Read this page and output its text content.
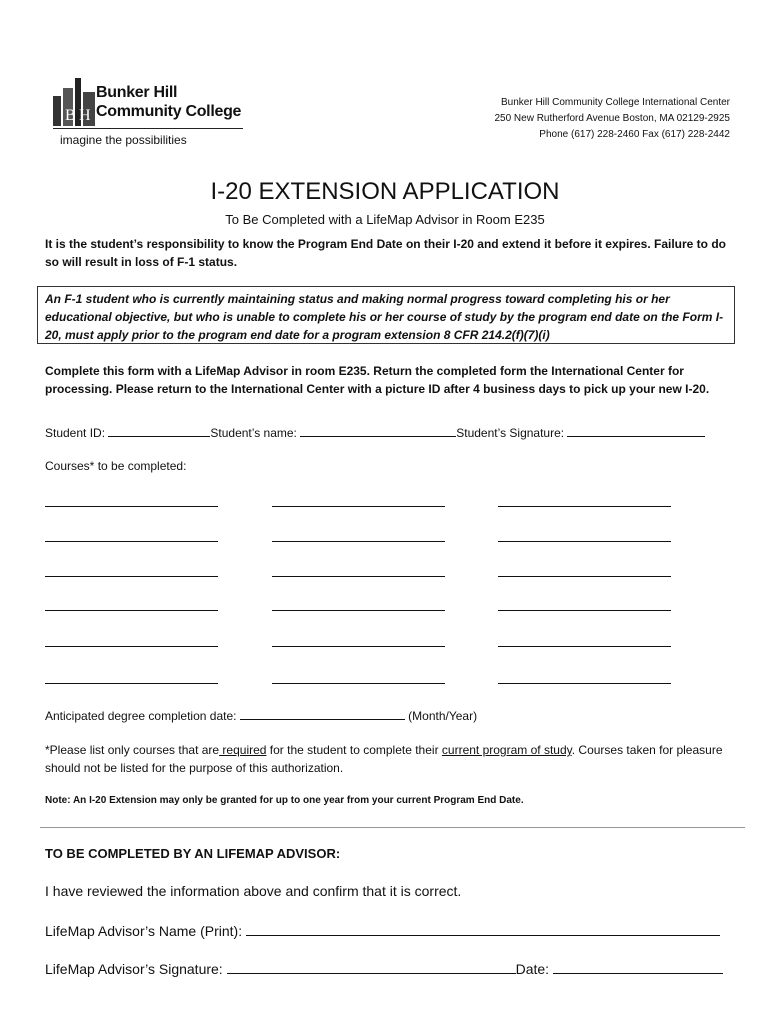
B H
Bunker Hill
Community College
imagine the possibilities
Bunker Hill Community College International Center
250 New Rutherford Avenue Boston, MA 02129-2925
Phone (617) 228-2460 Fax (617) 228-2442
I-20 EXTENSION APPLICATION
To Be Completed with a LifeMap Advisor in Room E235
It is the student’s responsibility to know the Program End Date on their I-20 and extend it before it expires. Failure to do so will result in loss of F-1 status.
An F-1 student who is currently maintaining status and making normal progress toward completing his or her educational objective, but who is unable to complete his or her course of study by the program end date on the Form I-20, must apply prior to the program end date for a program extension 8 CFR 214.2(f)(7)(i)
Complete this form with a LifeMap Advisor in room E235. Return the completed form the International Center for processing. Please return to the International Center with a picture ID after 4 business days to pick up your new I-20.
Student ID:	Student’s name:	Student’s Signature:
Courses* to be completed:
Anticipated degree completion date:	(Month/Year)
*Please list only courses that are required for the student to complete their current program of study. Courses taken for pleasure should not be listed for the purpose of this authorization.
Note: An I-20 Extension may only be granted for up to one year from your current Program End Date.
TO BE COMPLETED BY AN LIFEMAP ADVISOR:
I have reviewed the information above and confirm that it is correct.
LifeMap Advisor’s Name (Print):
LifeMap Advisor’s Signature:	Date:
